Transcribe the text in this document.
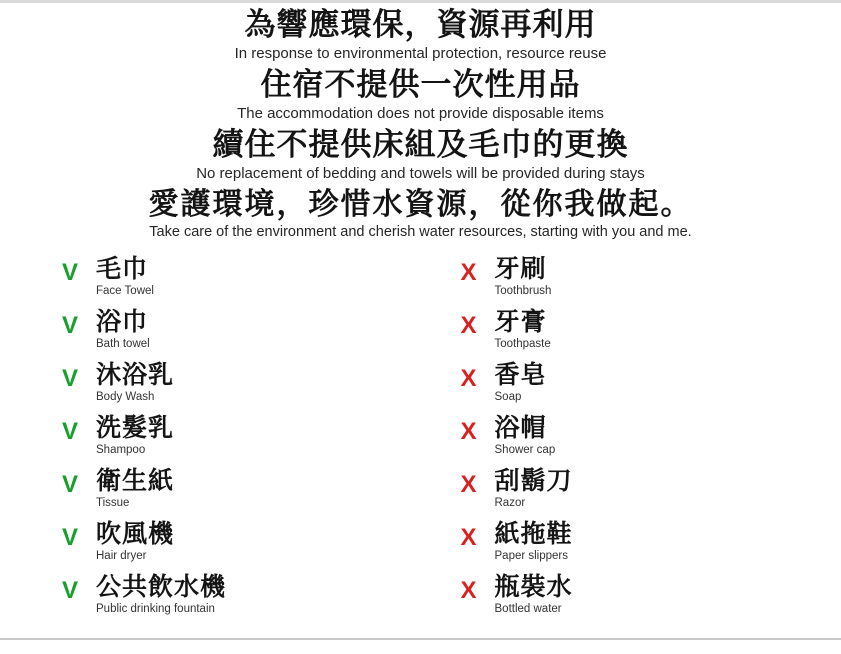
為響應環保，資源再利用
In response to environmental protection, resource reuse
住宿不提供一次性用品
The accommodation does not provide disposable items
續住不提供床組及毛巾的更換
No replacement of bedding and towels will be provided during stays
愛護環境，珍惜水資源，從你我做起。
Take care of the environment and cherish water resources, starting with you and me.
V 毛巾
Face Towel
V 浴巾
Bath towel
V 沐浴乳
Body Wash
V 洗髮乳
Shampoo
V 衛生紙
Tissue
V 吹風機
Hair dryer
V 公共飲水機
Public drinking fountain
X 牙刷
Toothbrush
X 牙膏
Toothpaste
X 香皂
Soap
X 浴帽
Shower cap
X 刮鬍刀
Razor
X 紙拖鞋
Paper slippers
X 瓶裝水
Bottled water
